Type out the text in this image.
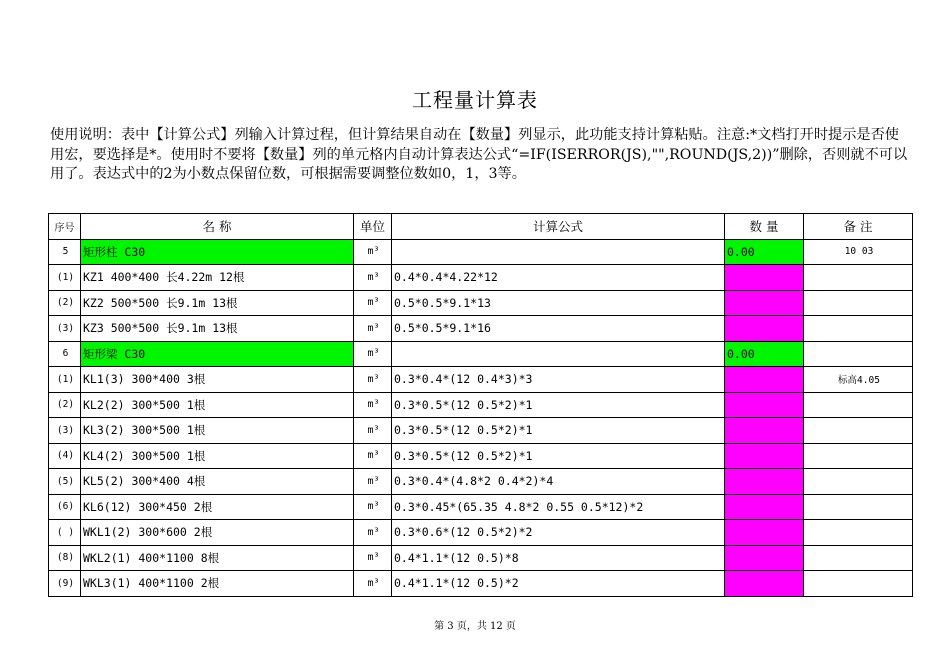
工程量计算表
使用说明：表中【计算公式】列输入计算过程，但计算结果自动在【数量】列显示，此功能支持计算粘贴。注意:*文档打开时提示是否使用宏，要选择是*。使用时不要将【数量】列的单元格内自动计算表达公式“=IF(ISERROR(JS),"",ROUND(JS,2))”删除，否则就不可以用了。表达式中的2为小数点保留位数，可根据需要调整位数如0，1，3等。
序号	名 称	单位	计算公式	数 量	备 注
5	矩形柱 C30	m³		0.00	10 03
(1)	KZ1 400*400 长4.22m 12根	m³	0.4*0.4*4.22*12		
(2)	KZ2 500*500 长9.1m 13根	m³	0.5*0.5*9.1*13		
(3)	KZ3 500*500 长9.1m 13根	m³	0.5*0.5*9.1*16		
6	矩形梁 C30	m³		0.00	
(1)	KL1(3) 300*400 3根	m³	0.3*0.4*(12 0.4*3)*3		标高4.05
(2)	KL2(2) 300*500 1根	m³	0.3*0.5*(12 0.5*2)*1		
(3)	KL3(2) 300*500 1根	m³	0.3*0.5*(12 0.5*2)*1		
(4)	KL4(2) 300*500 1根	m³	0.3*0.5*(12 0.5*2)*1		
(5)	KL5(2) 300*400 4根	m³	0.3*0.4*(4.8*2 0.4*2)*4		
(6)	KL6(12) 300*450 2根	m³	0.3*0.45*(65.35 4.8*2 0.55 0.5*12)*2		
( )	WKL1(2) 300*600 2根	m³	0.3*0.6*(12 0.5*2)*2		
(8)	WKL2(1) 400*1100 8根	m³	0.4*1.1*(12 0.5)*8		
(9)	WKL3(1) 400*1100 2根	m³	0.4*1.1*(12 0.5)*2		
第 3 页，共 12 页
